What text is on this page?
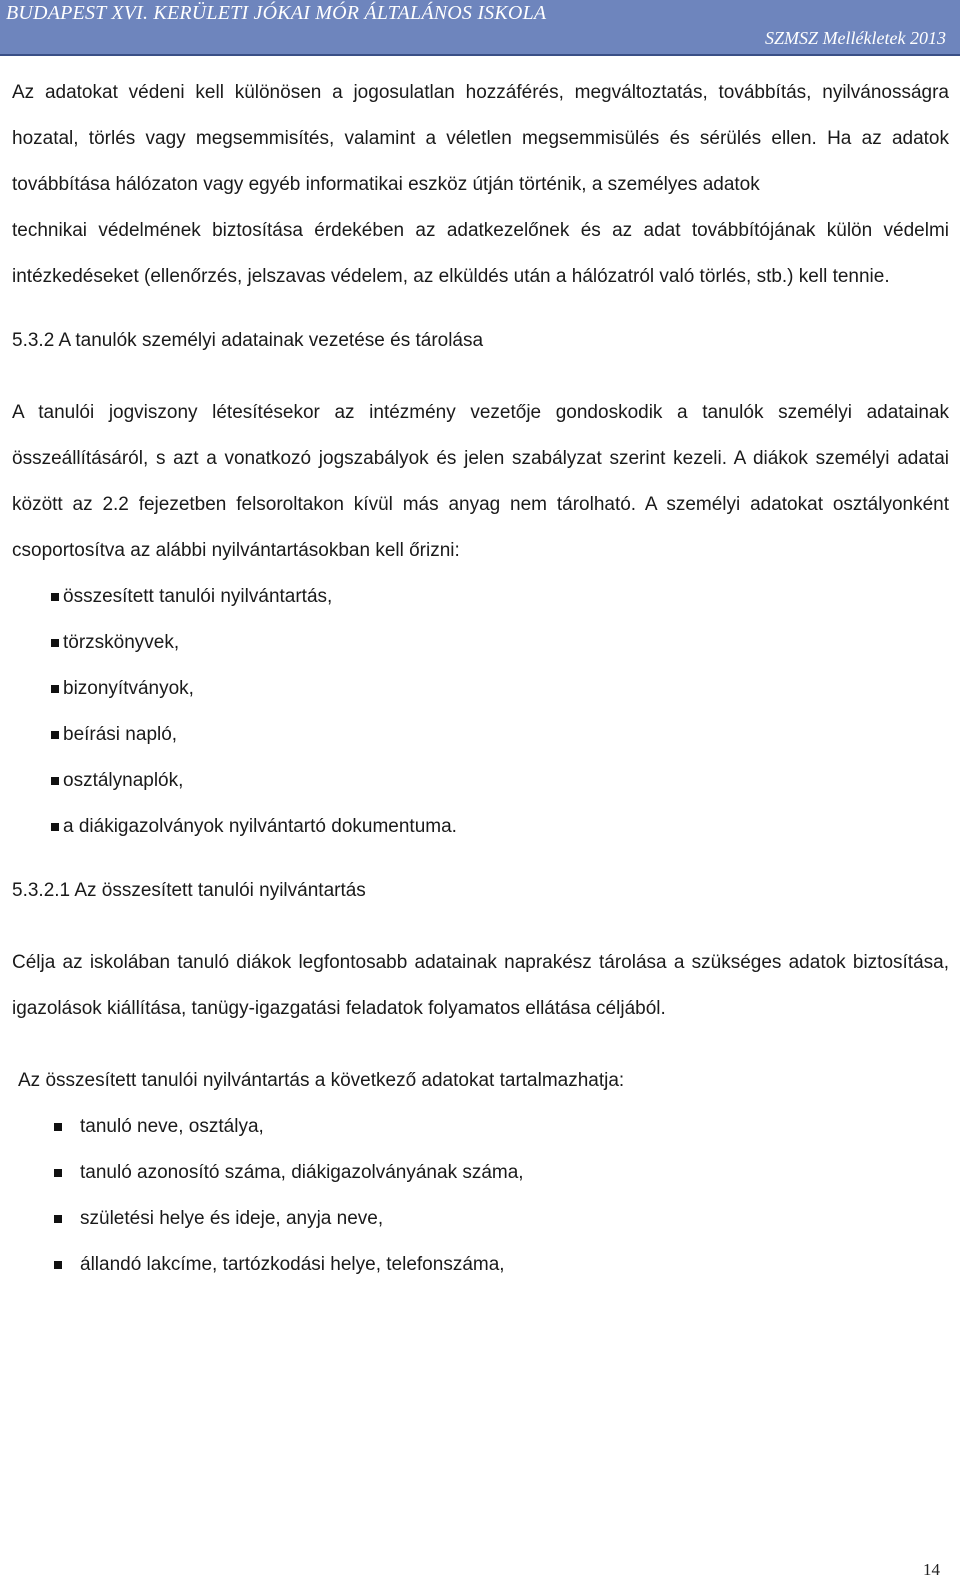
BUDAPEST XVI. KERÜLETI JÓKAI MÓR ÁLTALÁNOS ISKOLA
SZMSZ Mellékletek 2013

Az adatokat védeni kell különösen a jogosulatlan hozzáférés, megváltoztatás, továbbítás, nyilvánosságra hozatal, törlés vagy megsemmisítés, valamint a véletlen megsemmisülés és sérülés ellen. Ha az adatok továbbítása hálózaton vagy egyéb informatikai eszköz útján történik, a személyes adatok

technikai védelmének biztosítása érdekében az adatkezelőnek és az adat továbbítójának külön védelmi intézkedéseket (ellenőrzés, jelszavas védelem, az elküldés után a hálózatról való törlés, stb.) kell tennie.

5.3.2 A tanulók személyi adatainak vezetése és tárolása

A tanulói jogviszony létesítésekor az intézmény vezetője gondoskodik a tanulók személyi adatainak összeállításáról, s azt a vonatkozó jogszabályok és jelen szabályzat szerint kezeli. A diákok személyi adatai között az 2.2 fejezetben felsoroltakon kívül más anyag nem tárolható. A személyi adatokat osztályonként csoportosítva az alábbi nyilvántartásokban kell őrizni:

összesített tanulói nyilvántartás,
törzskönyvek,
bizonyítványok,
beírási napló,
osztálynaplók,
a diákigazolványok nyilvántartó dokumentuma.

5.3.2.1 Az összesített tanulói nyilvántartás

Célja az iskolában tanuló diákok legfontosabb adatainak naprakész tárolása a szükséges adatok biztosítása, igazolások kiállítása, tanügy-igazgatási feladatok folyamatos ellátása céljából.

Az összesített tanulói nyilvántartás a következő adatokat tartalmazhatja:

tanuló neve, osztálya,
tanuló azonosító száma, diákigazolványának száma,
születési helye és ideje, anyja neve,
állandó lakcíme, tartózkodási helye, telefonszáma,
14
